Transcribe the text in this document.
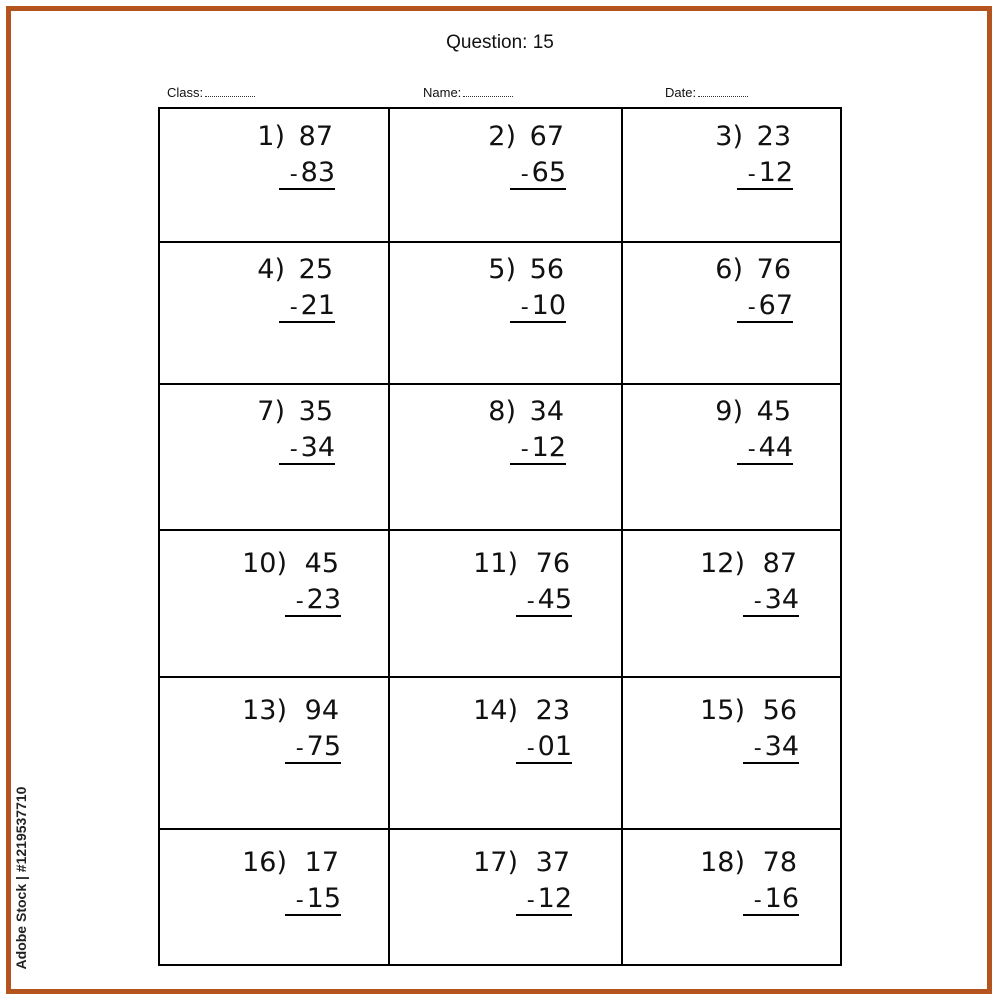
Question: 15
Class:	Name:	Date:
1) 87
- 83
2) 67
- 65
3) 23
- 12
4) 25
- 21
5) 56
- 10
6) 76
- 67
7) 35
- 34
8) 34
- 12
9) 45
- 44
10) 45
- 23
11) 76
- 45
12) 87
- 34
13) 94
- 75
14) 23
- 01
15) 56
- 34
16) 17
- 15
17) 37
- 12
18) 78
- 16
Adobe Stock | #1219537710
